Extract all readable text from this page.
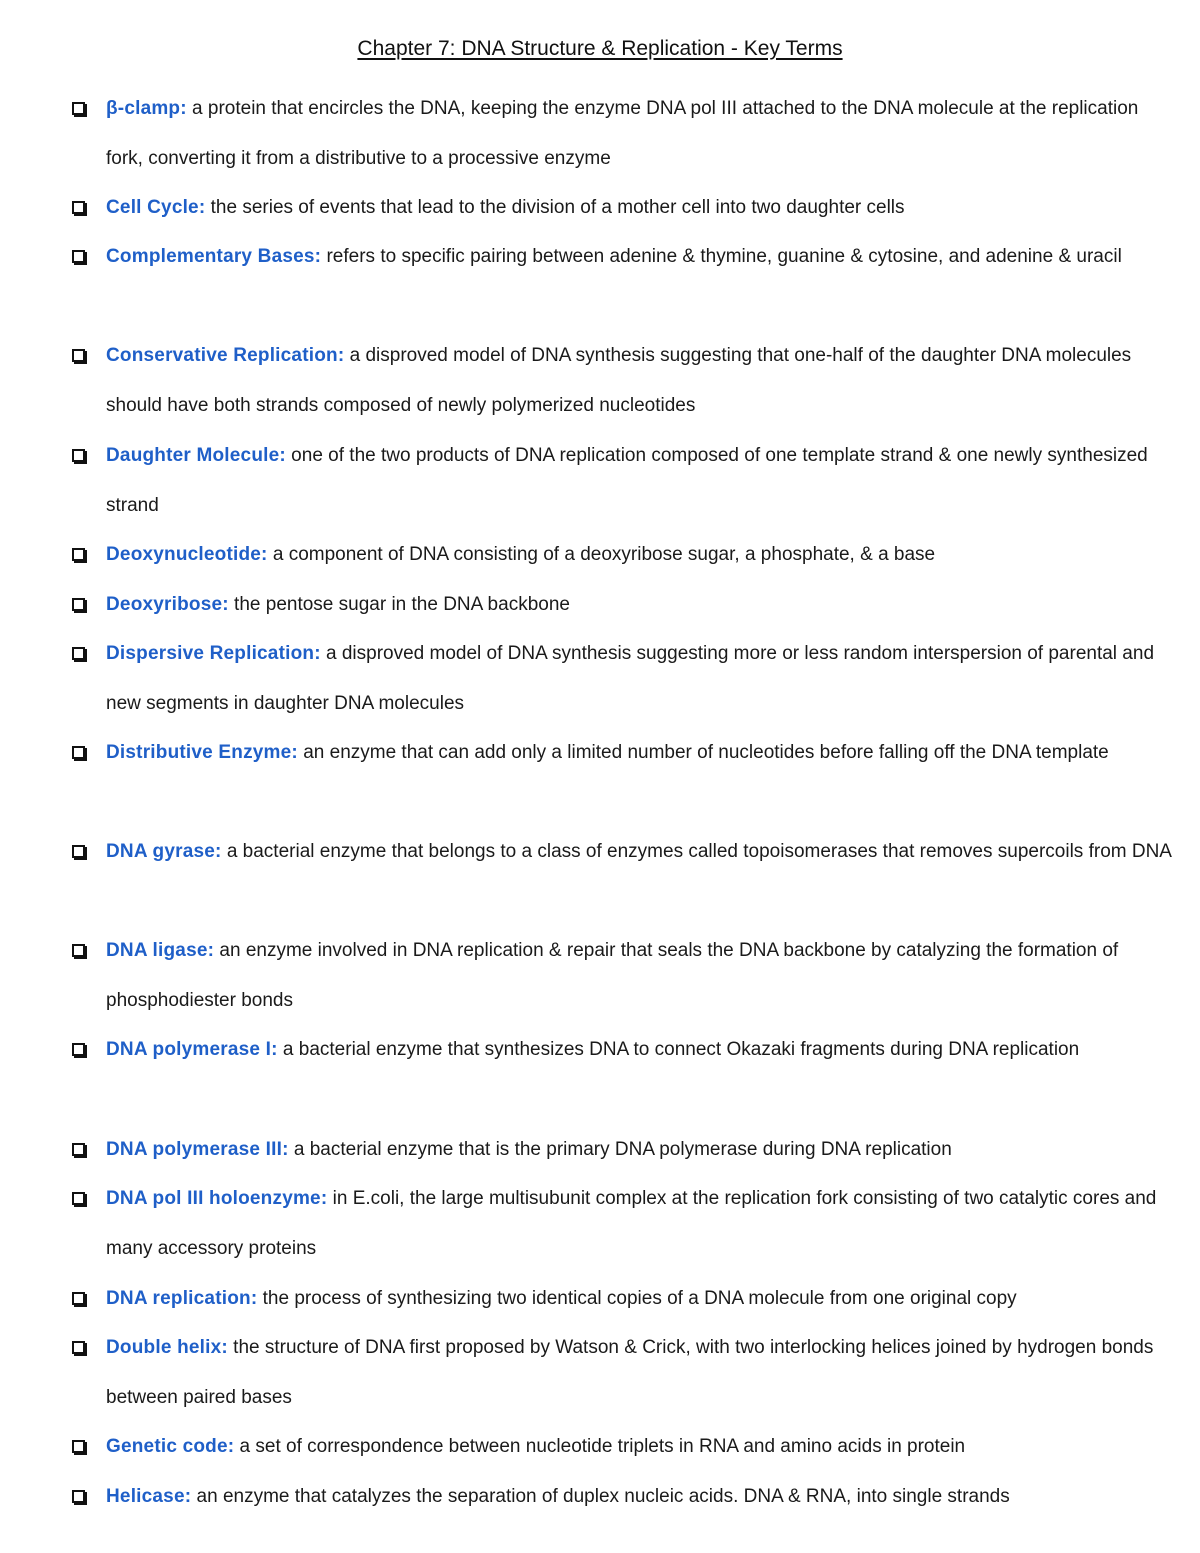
Chapter 7: DNA Structure & Replication - Key Terms

β-clamp: a protein that encircles the DNA, keeping the enzyme DNA pol III attached to the DNA molecule at the replication fork, converting it from a distributive to a processive enzyme

Cell Cycle: the series of events that lead to the division of a mother cell into two daughter cells

Complementary Bases: refers to specific pairing between adenine & thymine, guanine & cytosine, and adenine & uracil

Conservative Replication: a disproved model of DNA synthesis suggesting that one-half of the daughter DNA molecules should have both strands composed of newly polymerized nucleotides

Daughter Molecule: one of the two products of DNA replication composed of one template strand & one newly synthesized strand

Deoxynucleotide: a component of DNA consisting of a deoxyribose sugar, a phosphate, & a base

Deoxyribose: the pentose sugar in the DNA backbone

Dispersive Replication: a disproved model of DNA synthesis suggesting more or less random interspersion of parental and new segments in daughter DNA molecules

Distributive Enzyme: an enzyme that can add only a limited number of nucleotides before falling off the DNA template

DNA gyrase: a bacterial enzyme that belongs to a class of enzymes called topoisomerases that removes supercoils from DNA

DNA ligase: an enzyme involved in DNA replication & repair that seals the DNA backbone by catalyzing the formation of phosphodiester bonds

DNA polymerase I: a bacterial enzyme that synthesizes DNA to connect Okazaki fragments during DNA replication

DNA polymerase III: a bacterial enzyme that is the primary DNA polymerase during DNA replication

DNA pol III holoenzyme: in E.coli, the large multisubunit complex at the replication fork consisting of two catalytic cores and many accessory proteins

DNA replication: the process of synthesizing two identical copies of a DNA molecule from one original copy

Double helix: the structure of DNA first proposed by Watson & Crick, with two interlocking helices joined by hydrogen bonds between paired bases

Genetic code: a set of correspondence between nucleotide triplets in RNA and amino acids in protein

Helicase: an enzyme that catalyzes the separation of duplex nucleic acids. DNA & RNA, into single strands
